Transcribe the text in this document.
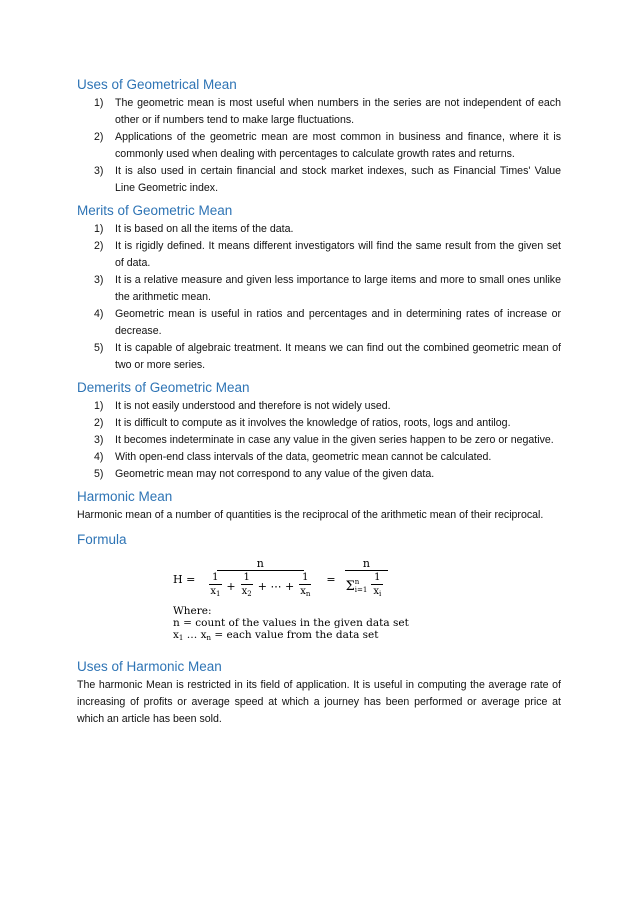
Uses of Geometrical Mean
1) The geometric mean is most useful when numbers in the series are not independent of each other or if numbers tend to make large fluctuations.
2) Applications of the geometric mean are most common in business and finance, where it is commonly used when dealing with percentages to calculate growth rates and returns.
3) It is also used in certain financial and stock market indexes, such as Financial Times' Value Line Geometric index.
Merits of Geometric Mean
1) It is based on all the items of the data.
2) It is rigidly defined. It means different investigators will find the same result from the given set of data.
3) It is a relative measure and given less importance to large items and more to small ones unlike the arithmetic mean.
4) Geometric mean is useful in ratios and percentages and in determining rates of increase or decrease.
5) It is capable of algebraic treatment. It means we can find out the combined geometric mean of two or more series.
Demerits of Geometric Mean
1) It is not easily understood and therefore is not widely used.
2) It is difficult to compute as it involves the knowledge of ratios, roots, logs and antilog.
3) It becomes indeterminate in case any value in the given series happen to be zero or negative.
4) With open-end class intervals of the data, geometric mean cannot be calculated.
5) Geometric mean may not correspond to any value of the given data.
Harmonic Mean

Harmonic mean of a number of quantities is the reciprocal of the arithmetic mean of their reciprocal.

Formula
H =
n
$\frac{1}{x_1} + \frac{1}{x_2}$ + ⋯ + $\frac{1}{x_n}$ =
n
Σ n
$i=1 \frac{1}{x_i}$
Where:
n = count of the values in the given data set
$x_1$ … $x_n$ = each value from the data set
Uses of Harmonic Mean

The harmonic Mean is restricted in its field of application. It is useful in computing the average rate of increasing of profits or average speed at which a journey has been performed or average price at which an article has been sold.
